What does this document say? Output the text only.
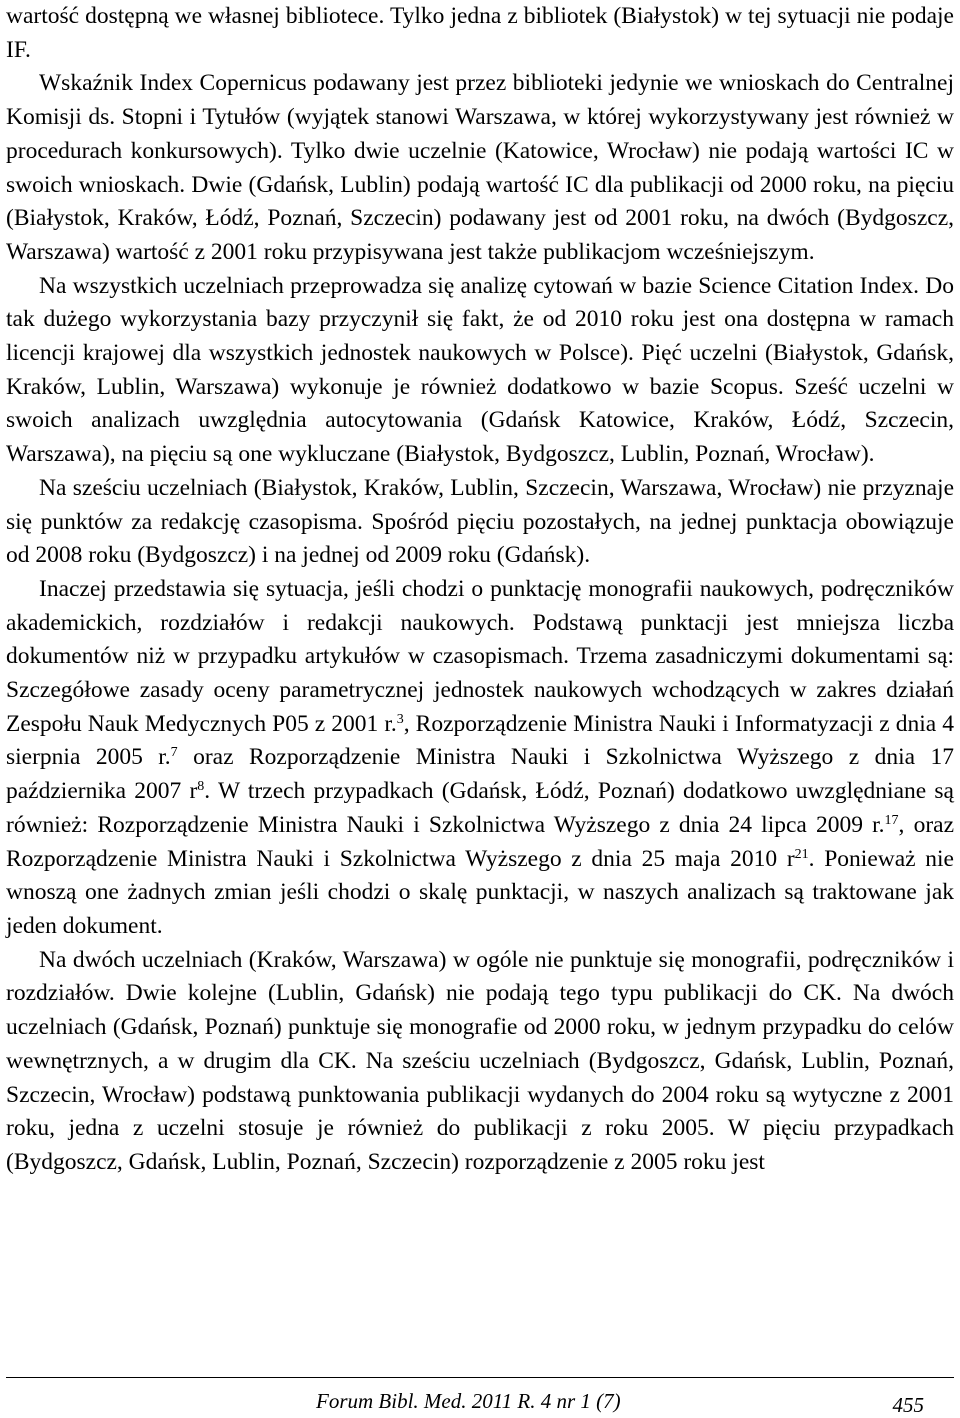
wartość dostępną we własnej bibliotece. Tylko jedna z bibliotek (Białystok) w tej sytuacji nie podaje IF.

Wskaźnik Index Copernicus podawany jest przez biblioteki jedynie we wnioskach do Centralnej Komisji ds. Stopni i Tytułów (wyjątek stanowi Warszawa, w której wykorzystywany jest również w procedurach konkursowych). Tylko dwie uczelnie (Katowice, Wrocław) nie podają wartości IC w swoich wnioskach. Dwie (Gdańsk, Lublin) podają wartość IC dla publikacji od 2000 roku, na pięciu (Białystok, Kraków, Łódź, Poznań, Szczecin) podawany jest od 2001 roku, na dwóch (Bydgoszcz, Warszawa) wartość z 2001 roku przypisywana jest także publikacjom wcześniejszym.

Na wszystkich uczelniach przeprowadza się analizę cytowań w bazie Science Citation Index. Do tak dużego wykorzystania bazy przyczynił się fakt, że od 2010 roku jest ona dostępna w ramach licencji krajowej dla wszystkich jednostek naukowych w Polsce). Pięć uczelni (Białystok, Gdańsk, Kraków, Lublin, Warszawa) wykonuje je również dodatkowo w bazie Scopus. Sześć uczelni w swoich analizach uwzględnia autocytowania (Gdańsk Katowice, Kraków, Łódź, Szczecin, Warszawa), na pięciu są one wykluczane (Białystok, Bydgoszcz, Lublin, Poznań, Wrocław).

Na sześciu uczelniach (Białystok, Kraków, Lublin, Szczecin, Warszawa, Wrocław) nie przyznaje się punktów za redakcję czasopisma. Spośród pięciu pozostałych, na jednej punktacja obowiązuje od 2008 roku (Bydgoszcz) i na jednej od 2009 roku (Gdańsk).

Inaczej przedstawia się sytuacja, jeśli chodzi o punktację monografii naukowych, podręczników akademickich, rozdziałów i redakcji naukowych. Podstawą punktacji jest mniejsza liczba dokumentów niż w przypadku artykułów w czasopismach. Trzema zasadniczymi dokumentami są: Szczegółowe zasady oceny parametrycznej jednostek naukowych wchodzących w zakres działań Zespołu Nauk Medycznych P05 z 2001 r.$^3$, Rozporządzenie Ministra Nauki i Informatyzacji z dnia 4 sierpnia 2005 r.$^7$ oraz Rozporządzenie Ministra Nauki i Szkolnictwa Wyższego z dnia 17 października 2007 $r^8$. W trzech przypadkach (Gdańsk, Łódź, Poznań) dodatkowo uwzględniane są również: Rozporządzenie Ministra Nauki i Szkolnictwa Wyższego z dnia 24 lipca 2009 r.$^{17}$, oraz Rozporządzenie Ministra Nauki i Szkolnictwa Wyższego z dnia 25 maja 2010 $r^{21}$. Ponieważ nie wnoszą one żadnych zmian jeśli chodzi o skalę punktacji, w naszych analizach są traktowane jak jeden dokument.

Na dwóch uczelniach (Kraków, Warszawa) w ogóle nie punktuje się monografii, podręczników i rozdziałów. Dwie kolejne (Lublin, Gdańsk) nie podają tego typu publikacji do CK. Na dwóch uczelniach (Gdańsk, Poznań) punktuje się monografie od 2000 roku, w jednym przypadku do celów wewnętrznych, a w drugim dla CK. Na sześciu uczelniach (Bydgoszcz, Gdańsk, Lublin, Poznań, Szczecin, Wrocław) podstawą punktowania publikacji wydanych do 2004 roku są wytyczne z 2001 roku, jedna z uczelni stosuje je również do publikacji z roku 2005. W pięciu przypadkach (Bydgoszcz, Gdańsk, Lublin, Poznań, Szczecin) rozporządzenie z 2005 roku jest

Forum Bibl. Med. 2011 R. 4 nr 1 (7)	455
